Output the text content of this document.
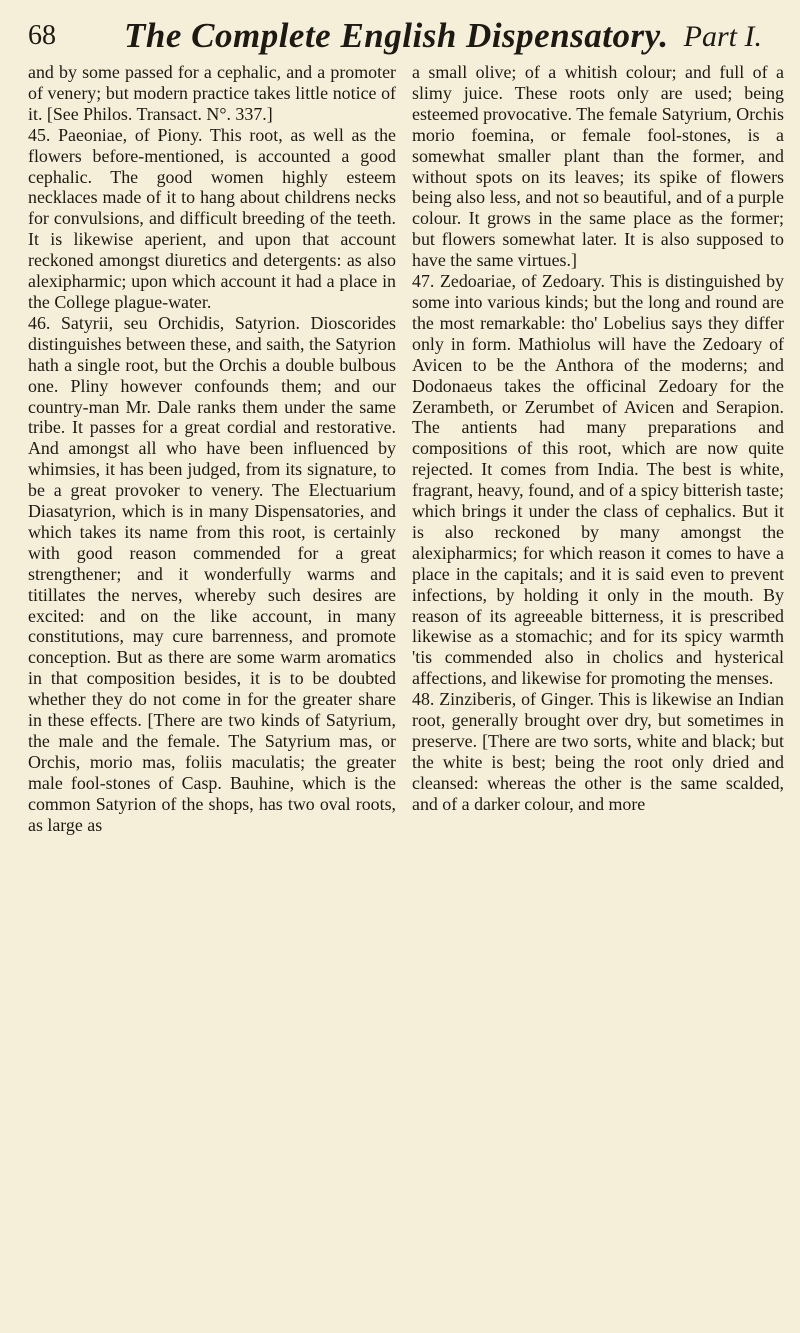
68 The Complete English Dispensatory. Part I.

and by some passed for a cephalic, and a promoter of venery; but modern practice takes little notice of it. [See Philos. Transact. N°. 337.]

45. Paeoniae, of Piony. This root, as well as the flowers before-mentioned, is accounted a good cephalic. The good women highly esteem necklaces made of it to hang about childrens necks for convulsions, and difficult breeding of the teeth. It is likewise aperient, and upon that account reckoned amongst diuretics and detergents: as also alexipharmic; upon which account it had a place in the College plague-water.

46. Satyrii, seu Orchidis, Satyrion. Dioscorides distinguishes between these, and saith, the Satyrion hath a single root, but the Orchis a double bulbous one. Pliny however confounds them; and our country-man Mr. Dale ranks them under the same tribe. It passes for a great cordial and restorative. And amongst all who have been influenced by whimsies, it has been judged, from its signature, to be a great provoker to venery. The Electuarium Diasatyrion, which is in many Dispensatories, and which takes its name from this root, is certainly with good reason commended for a great strengthener; and it wonderfully warms and titillates the nerves, whereby such desires are excited: and on the like account, in many constitutions, may cure barrenness, and promote conception. But as there are some warm aromatics in that composition besides, it is to be doubted whether they do not come in for the greater share in these effects. [There are two kinds of Satyrium, the male and the female. The Satyrium mas, or Orchis, morio mas, foliis maculatis; the greater male fool-stones of Casp. Bauhine, which is the common Satyrion of the shops, has two oval roots, as large as

a small olive; of a whitish colour; and full of a slimy juice. These roots only are used; being esteemed provocative. The female Satyrium, Orchis morio foemina, or female fool-stones, is a somewhat smaller plant than the former, and without spots on its leaves; its spike of flowers being also less, and not so beautiful, and of a purple colour. It grows in the same place as the former; but flowers somewhat later. It is also supposed to have the same virtues.]

47. Zedoariae, of Zedoary. This is distinguished by some into various kinds; but the long and round are the most remarkable: tho' Lobelius says they differ only in form. Mathiolus will have the Zedoary of Avicen to be the Anthora of the moderns; and Dodonaeus takes the officinal Zedoary for the Zerambeth, or Zerumbet of Avicen and Serapion. The antients had many preparations and compositions of this root, which are now quite rejected. It comes from India. The best is white, fragrant, heavy, found, and of a spicy bitterish taste; which brings it under the class of cephalics. But it is also reckoned by many amongst the alexipharmics; for which reason it comes to have a place in the capitals; and it is said even to prevent infections, by holding it only in the mouth. By reason of its agreeable bitterness, it is prescribed likewise as a stomachic; and for its spicy warmth 'tis commended also in cholics and hysterical affections, and likewise for promoting the menses.

48. Zinziberis, of Ginger. This is likewise an Indian root, generally brought over dry, but sometimes in preserve. [There are two sorts, white and black; but the white is best; being the root only dried and cleansed: whereas the other is the same scalded, and of a darker colour, and more
